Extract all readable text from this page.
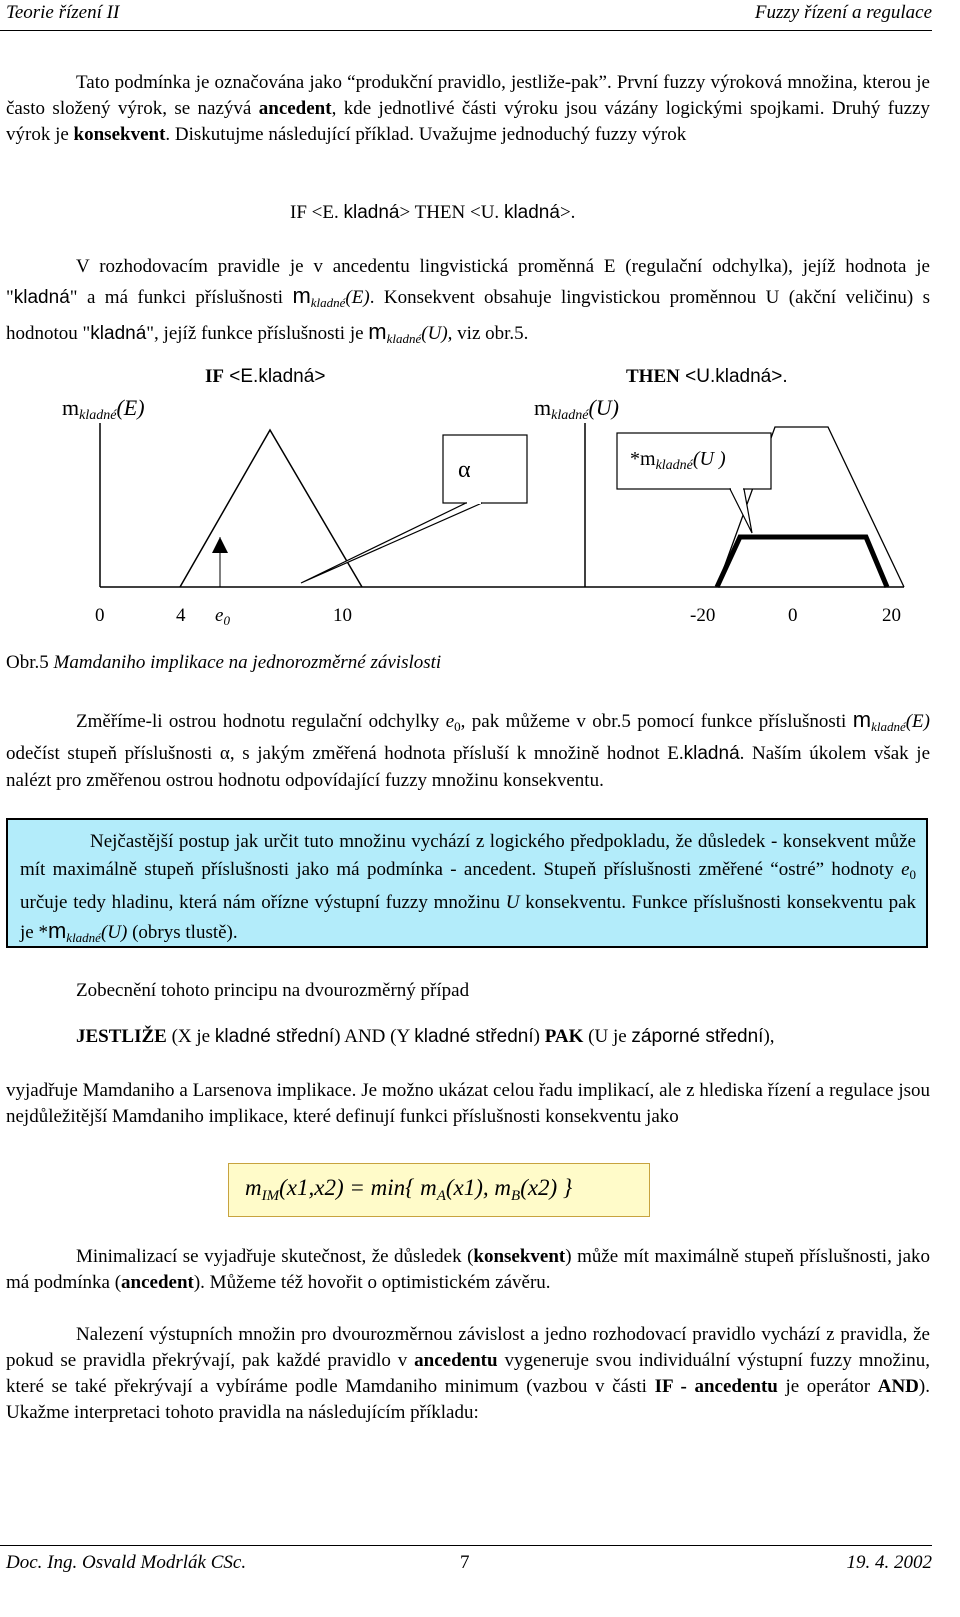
Teorie řízení II	Fuzzy řízení a regulace
Tato podmínka je označována jako “produkční pravidlo, jestliže-pak”. První fuzzy výroková množina, kterou je často složený výrok, se nazývá ancedent, kde jednotlivé části výroku jsou vázány logickými spojkami. Druhý fuzzy výrok je konsekvent. Diskutujme následující příklad. Uvažujme jednoduchý fuzzy výrok
IF <E. kladná> THEN <U. kladná>.
V rozhodovacím pravidle je v ancedentu lingvistická proměnná E (regulační odchylka), jejíž hodnota je "kladná" a má funkci příslušnosti $m_{kladné}(E)$. Konsekvent obsahuje lingvistickou proměnnou U (akční veličinu) s hodnotou "kladná", jejíž funkce příslušnosti je $m_{kladné}(U)$, viz obr.5.
IF <E.kladná>	THEN <U.kladná>.
mkladné(E)	mkladné(U)
α	$*m_{kladné}(U$ )
0	4 $e_0$	10	-20	0	20
Obr.5 Mamdaniho implikace na jednorozměrné závislosti
Změříme-li ostrou hodnotu regulační odchylky $e_0$, pak můžeme v obr.5 pomocí funkce příslušnosti $m_{kladné}(E)$ odečíst stupeň příslušnosti α, s jakým změřená hodnota přísluší k množině hodnot E.kladná. Naším úkolem však je nalézt pro změřenou ostrou hodnotu odpovídající fuzzy množinu konsekventu.
Nejčastější postup jak určit tuto množinu vychází z logického předpokladu, že důsledek - konsekvent může mít maximálně stupeň příslušnosti jako má podmínka - ancedent. Stupeň příslušnosti změřené “ostré” hodnoty $e_0$ určuje tedy hladinu, která nám ořízne výstupní fuzzy množinu U konsekventu. Funkce příslušnosti konsekventu pak je $*m_{kladné}(U)$ (obrys tlustě).
Zobecnění tohoto principu na dvourozměrný případ
JESTLIŽE (X je kladné střední) AND (Y kladné střední) PAK (U je záporné střední),
vyjadřuje Mamdaniho a Larsenova implikace. Je možno ukázat celou řadu implikací, ale z hlediska řízení a regulace jsou nejdůležitější Mamdaniho implikace, které definují funkci příslušnosti konsekventu jako
$m_{IM}(x1,x2) = \min${ $m_A(x1)$, $m_B(x2)$ }
Minimalizací se vyjadřuje skutečnost, že důsledek (konsekvent) může mít maximálně stupeň příslušnosti, jako má podmínka (ancedent). Můžeme též hovořit o optimistickém závěru.
Nalezení výstupních množin pro dvourozměrnou závislost a jedno rozhodovací pravidlo vychází z pravidla, že pokud se pravidla překrývají, pak každé pravidlo v ancedentu vygeneruje svou individuální výstupní fuzzy množinu, které se také překrývají a vybíráme podle Mamdaniho minimum (vazbou v části IF - ancedentu je operátor AND). Ukažme interpretaci tohoto pravidla na následujícím příkladu:
Doc. Ing. Osvald Modrlák CSc.	7	19. 4. 2002
